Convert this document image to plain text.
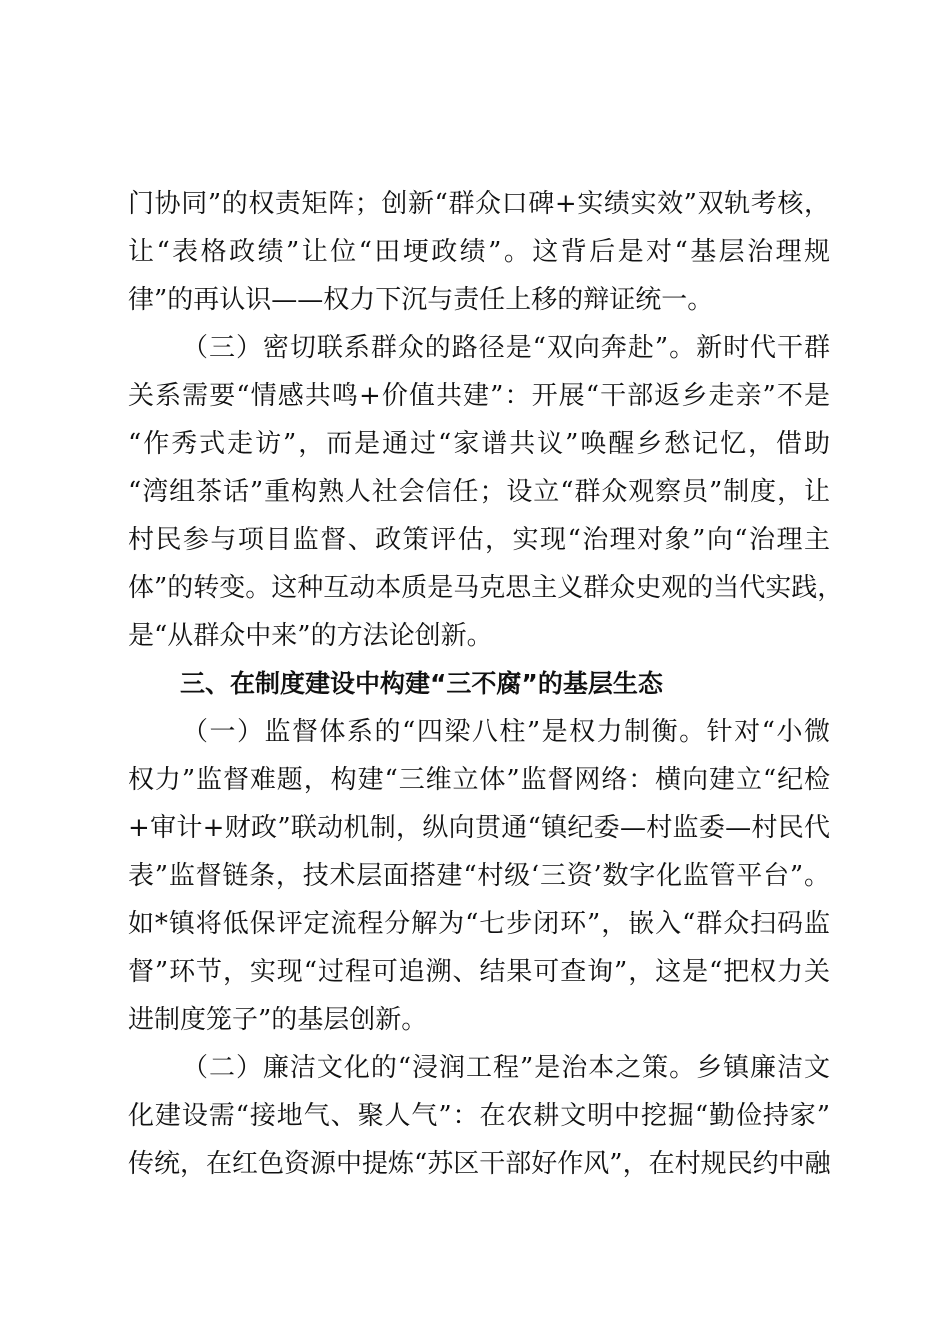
门协同”的权责矩阵；创新“群众口碑+实绩实效”双轨考核，
让“表格政绩”让位“田埂政绩”。这背后是对“基层治理规
律”的再认识——权力下沉与责任上移的辩证统一。
（三）密切联系群众的路径是“双向奔赴”。新时代干群
关系需要“情感共鸣+价值共建”：开展“干部返乡走亲”不是
“作秀式走访”，而是通过“家谱共议”唤醒乡愁记忆，借助
“湾组茶话”重构熟人社会信任；设立“群众观察员”制度，让
村民参与项目监督、政策评估，实现“治理对象”向“治理主
体”的转变。这种互动本质是马克思主义群众史观的当代实践，
是“从群众中来”的方法论创新。
三、在制度建设中构建“三不腐”的基层生态
（一）监督体系的“四梁八柱”是权力制衡。针对“小微
权力”监督难题，构建“三维立体”监督网络：横向建立“纪检
+审计+财政”联动机制，纵向贯通“镇纪委—村监委—村民代
表”监督链条，技术层面搭建“村级‘三资’数字化监管平台”。
如*镇将低保评定流程分解为“七步闭环”，嵌入“群众扫码监
督”环节，实现“过程可追溯、结果可查询”，这是“把权力关
进制度笼子”的基层创新。
（二）廉洁文化的“浸润工程”是治本之策。乡镇廉洁文
化建设需“接地气、聚人气”：在农耕文明中挖掘“勤俭持家”
传统，在红色资源中提炼“苏区干部好作风”，在村规民约中融
